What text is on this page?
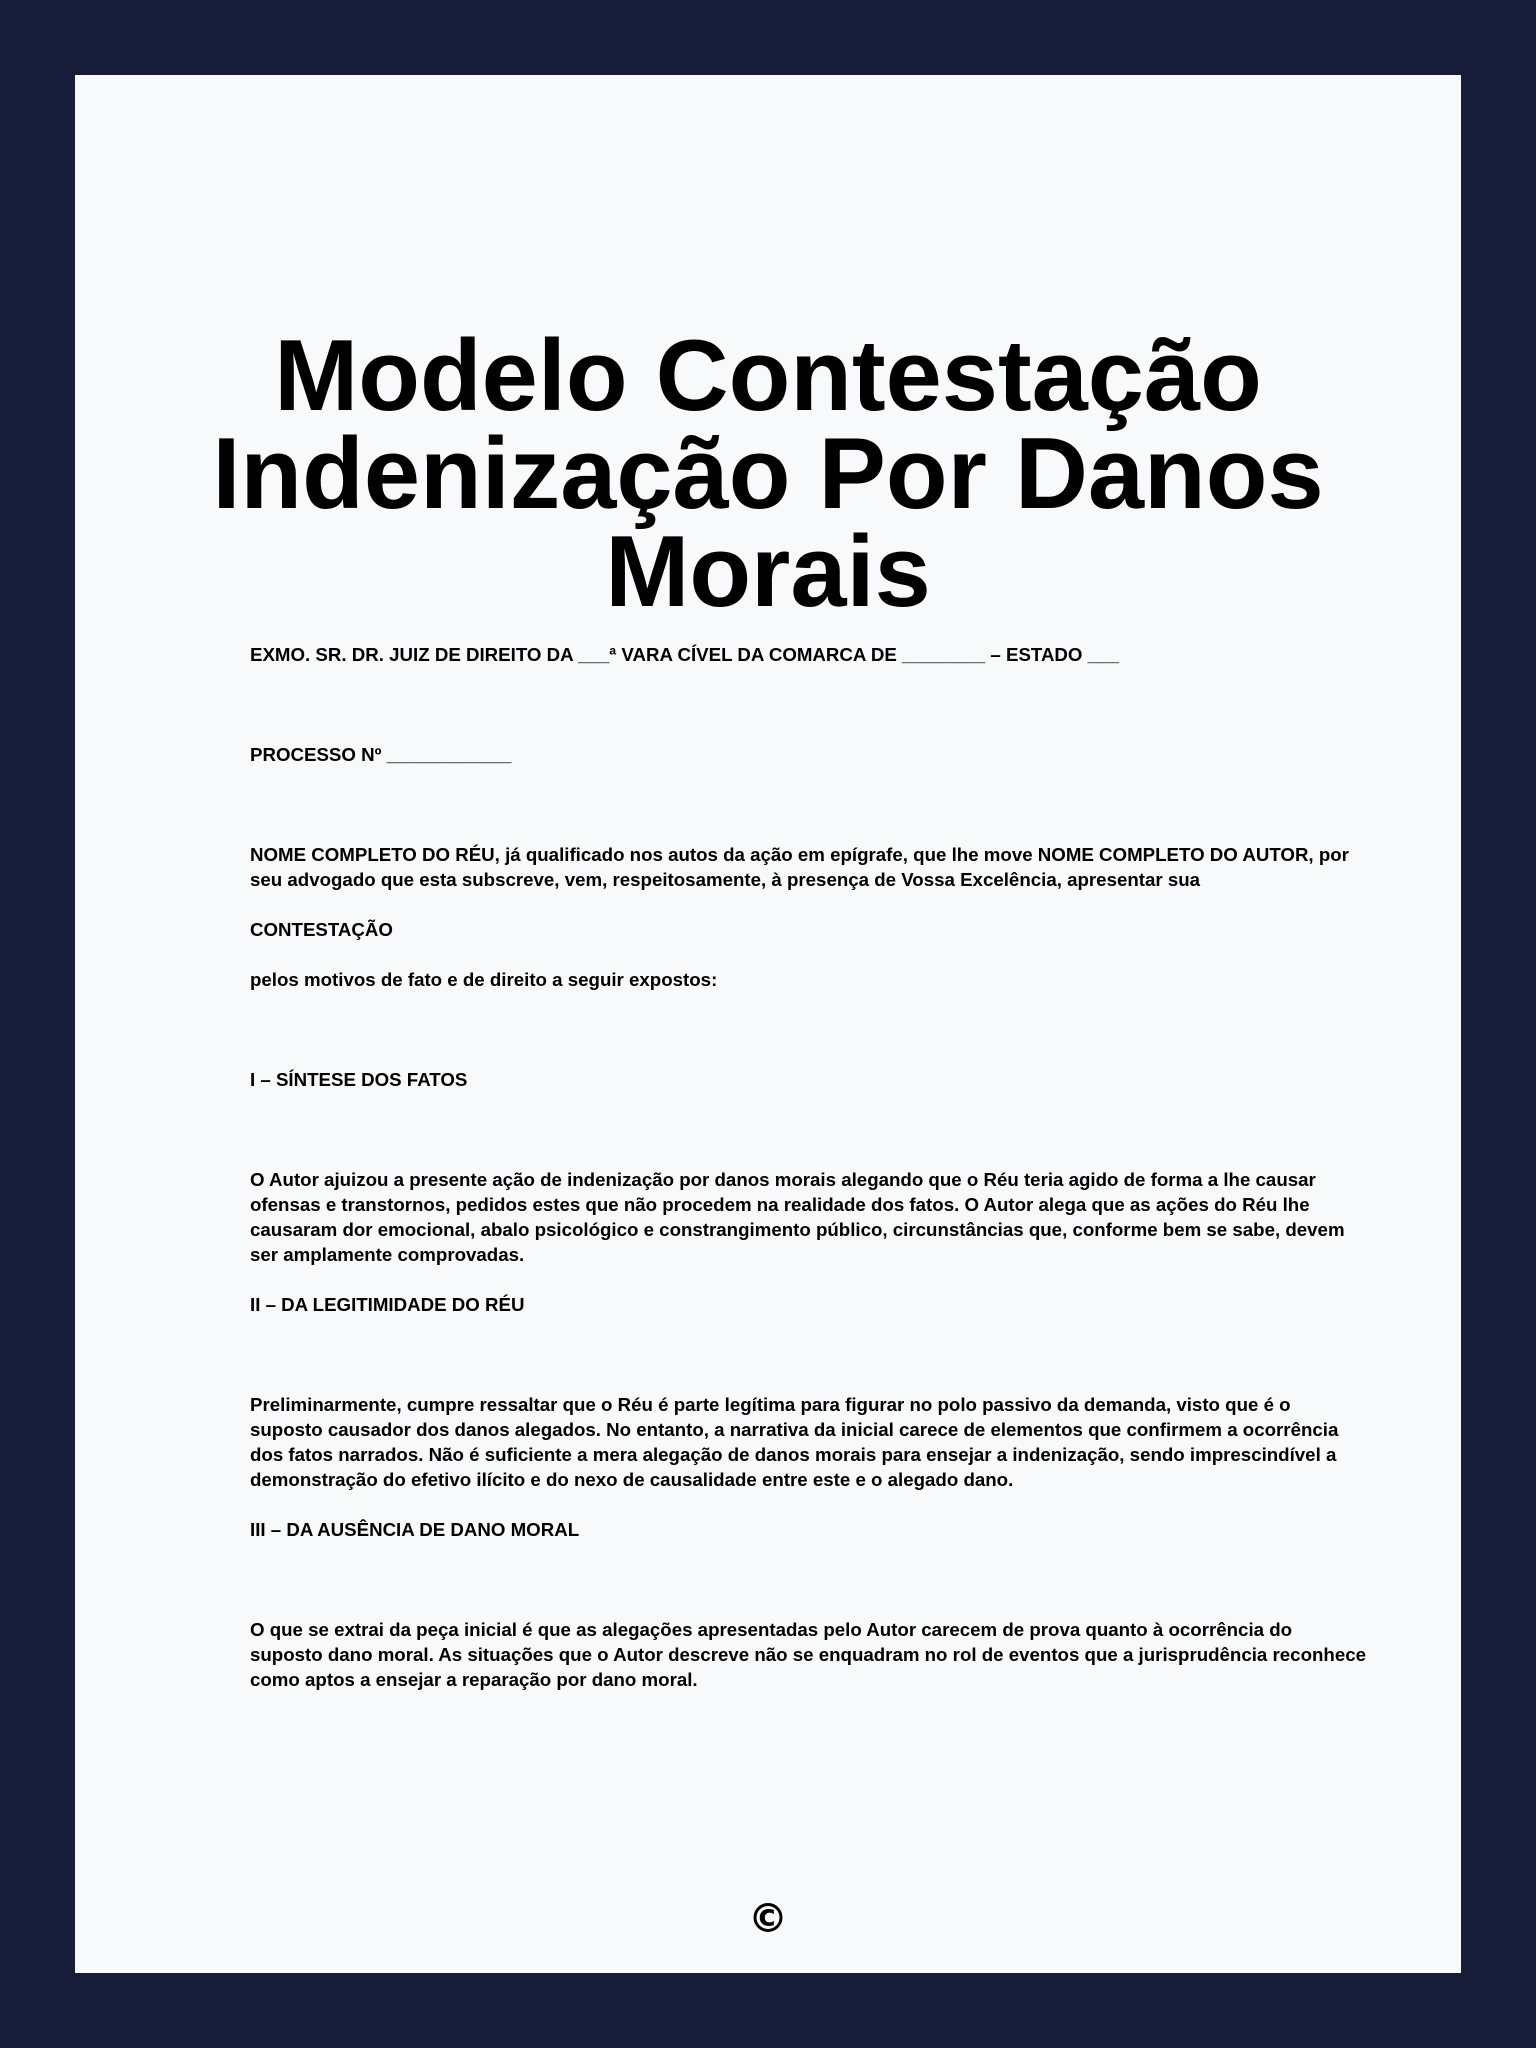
Modelo Contestação Indenização Por Danos Morais

EXMO. SR. DR. JUIZ DE DIREITO DA ___ª VARA CÍVEL DA COMARCA DE ________ – ESTADO ___

PROCESSO Nº ____________

NOME COMPLETO DO RÉU, já qualificado nos autos da ação em epígrafe, que lhe move NOME COMPLETO DO AUTOR, por seu advogado que esta subscreve, vem, respeitosamente, à presença de Vossa Excelência, apresentar sua

CONTESTAÇÃO

pelos motivos de fato e de direito a seguir expostos:

I – SÍNTESE DOS FATOS

O Autor ajuizou a presente ação de indenização por danos morais alegando que o Réu teria agido de forma a lhe causar ofensas e transtornos, pedidos estes que não procedem na realidade dos fatos. O Autor alega que as ações do Réu lhe causaram dor emocional, abalo psicológico e constrangimento público, circunstâncias que, conforme bem se sabe, devem ser amplamente comprovadas.

II – DA LEGITIMIDADE DO RÉU

Preliminarmente, cumpre ressaltar que o Réu é parte legítima para figurar no polo passivo da demanda, visto que é o suposto causador dos danos alegados. No entanto, a narrativa da inicial carece de elementos que confirmem a ocorrência dos fatos narrados. Não é suficiente a mera alegação de danos morais para ensejar a indenização, sendo imprescindível a demonstração do efetivo ilícito e do nexo de causalidade entre este e o alegado dano.

III – DA AUSÊNCIA DE DANO MORAL

O que se extrai da peça inicial é que as alegações apresentadas pelo Autor carecem de prova quanto à ocorrência do suposto dano moral. As situações que o Autor descreve não se enquadram no rol de eventos que a jurisprudência reconhece como aptos a ensejar a reparação por dano moral.

©
